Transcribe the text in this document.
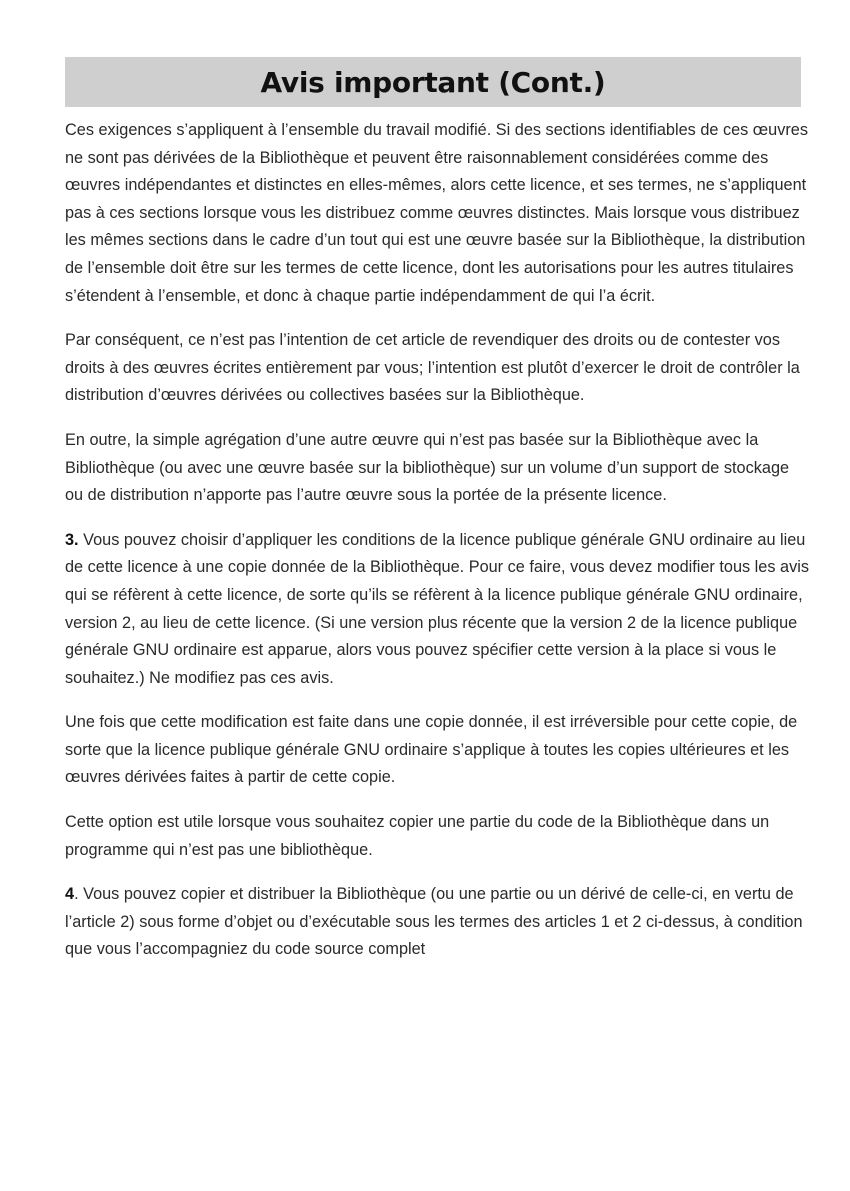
Avis important (Cont.)

Ces exigences s’appliquent à l’ensemble du travail modifié. Si des sections identifiables de ces œuvres ne sont pas dérivées de la Bibliothèque et peuvent être raisonnablement considérées comme des œuvres indépendantes et distinctes en elles-mêmes, alors cette licence, et ses termes, ne s’appliquent pas à ces sections lorsque vous les distribuez comme œuvres distinctes. Mais lorsque vous distribuez les mêmes sections dans le cadre d’un tout qui est une œuvre basée sur la Bibliothèque, la distribution de l’ensemble doit être sur les termes de cette licence, dont les autorisations pour les autres titulaires s’étendent à l’ensemble, et donc à chaque partie indépendamment de qui l’a écrit.

Par conséquent, ce n’est pas l’intention de cet article de revendiquer des droits ou de contester vos droits à des œuvres écrites entièrement par vous; l’intention est plutôt d’exercer le droit de contrôler la distribution d’œuvres dérivées ou collectives basées sur la Bibliothèque.

En outre, la simple agrégation d’une autre œuvre qui n’est pas basée sur la Bibliothèque avec la Bibliothèque (ou avec une œuvre basée sur la bibliothèque) sur un volume d’un support de stockage ou de distribution n’apporte pas l’autre œuvre sous la portée de la présente licence.

3. Vous pouvez choisir d’appliquer les conditions de la licence publique générale GNU ordinaire au lieu de cette licence à une copie donnée de la Bibliothèque. Pour ce faire, vous devez modifier tous les avis qui se réfèrent à cette licence, de sorte qu’ils se réfèrent à la licence publique générale GNU ordinaire, version 2, au lieu de cette licence. (Si une version plus récente que la version 2 de la licence publique générale GNU ordinaire est apparue, alors vous pouvez spécifier cette version à la place si vous le souhaitez.) Ne modifiez pas ces avis.

Une fois que cette modification est faite dans une copie donnée, il est irréversible pour cette copie, de sorte que la licence publique générale GNU ordinaire s’applique à toutes les copies ultérieures et les œuvres dérivées faites à partir de cette copie.

Cette option est utile lorsque vous souhaitez copier une partie du code de la Bibliothèque dans un programme qui n’est pas une bibliothèque.

4. Vous pouvez copier et distribuer la Bibliothèque (ou une partie ou un dérivé de celle-ci, en vertu de l’article 2) sous forme d’objet ou d’exécutable sous les termes des articles 1 et 2 ci-dessus, à condition que vous l’accompagniez du code source complet
